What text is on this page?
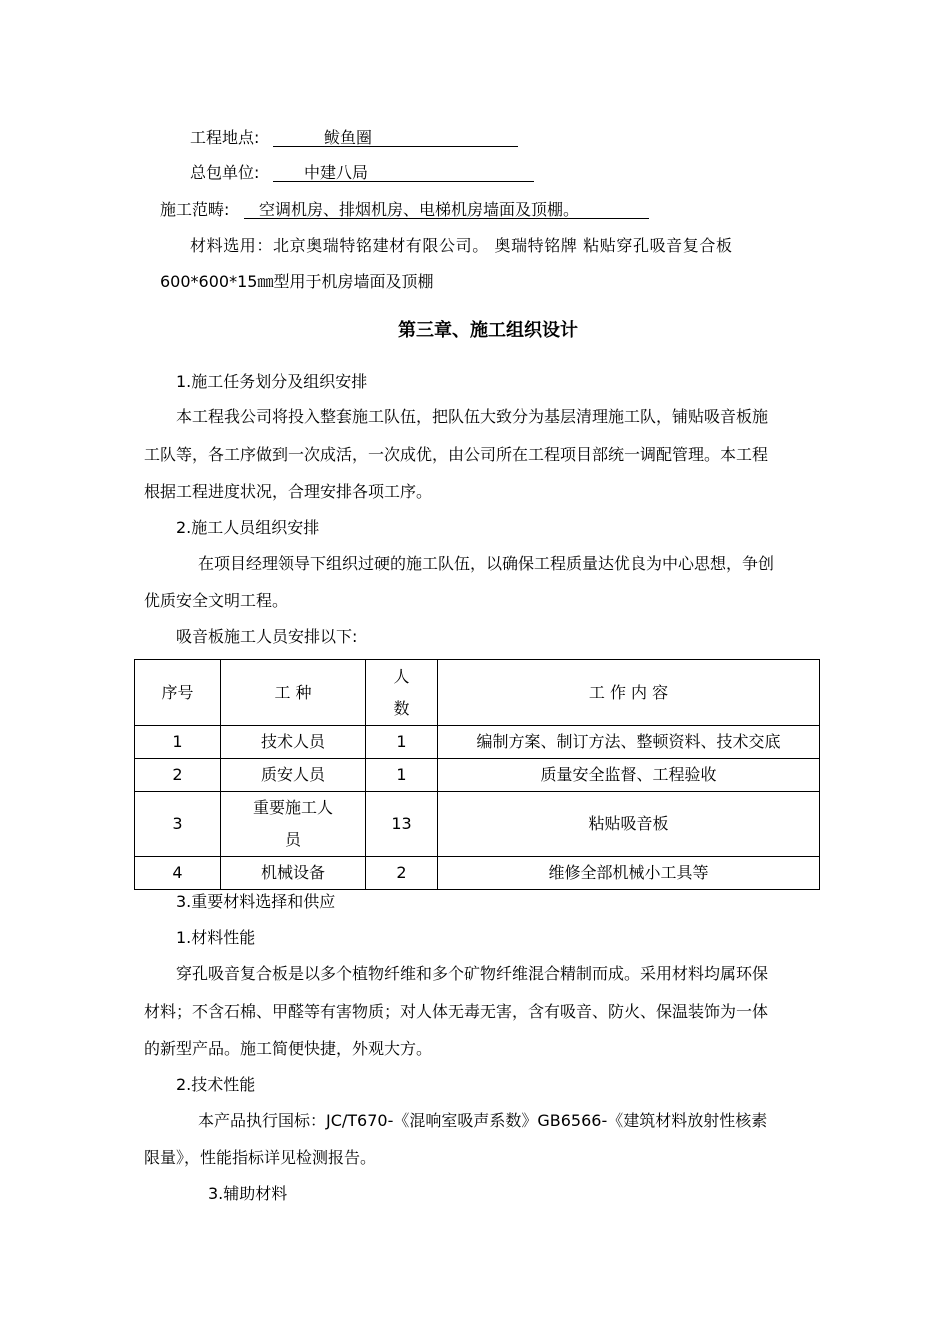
工程地点:	鲅鱼圈
总包单位:	中建八局
施工范畴: 空调机房、排烟机房、电梯机房墙面及顶棚。
材料选用：北京奥瑞特铭建材有限公司。 奥瑞特铭牌 粘贴穿孔吸音复合板
600*600*15㎜型用于机房墙面及顶棚
第三章、施工组织设计
1.施工任务划分及组织安排
本工程我公司将投入整套施工队伍，把队伍大致分为基层清理施工队，铺贴吸音板施
工队等，各工序做到一次成活，一次成优，由公司所在工程项目部统一调配管理。本工程
根据工程进度状况，合理安排各项工序。
2.施工人员组织安排
在项目经理领导下组织过硬的施工队伍，以确保工程质量达优良为中心思想，争创
优质安全文明工程。
吸音板施工人员安排以下:
序号	工 种	人数	工 作 内 容
1	技术人员	1	编制方案、制订方法、整顿资料、技术交底
2	质安人员	1	质量安全监督、工程验收
3	重要施工人员	13	粘贴吸音板
4	机械设备	2	维修全部机械小工具等
3.重要材料选择和供应
1.材料性能
穿孔吸音复合板是以多个植物纤维和多个矿物纤维混合精制而成。采用材料均属环保
材料；不含石棉、甲醛等有害物质；对人体无毒无害，含有吸音、防火、保温装饰为一体
的新型产品。施工简便快捷，外观大方。
2.技术性能
本产品执行国标：JC/T670-《混响室吸声系数》GB6566-《建筑材料放射性核素
限量》，性能指标详见检测报告。
3.辅助材料
